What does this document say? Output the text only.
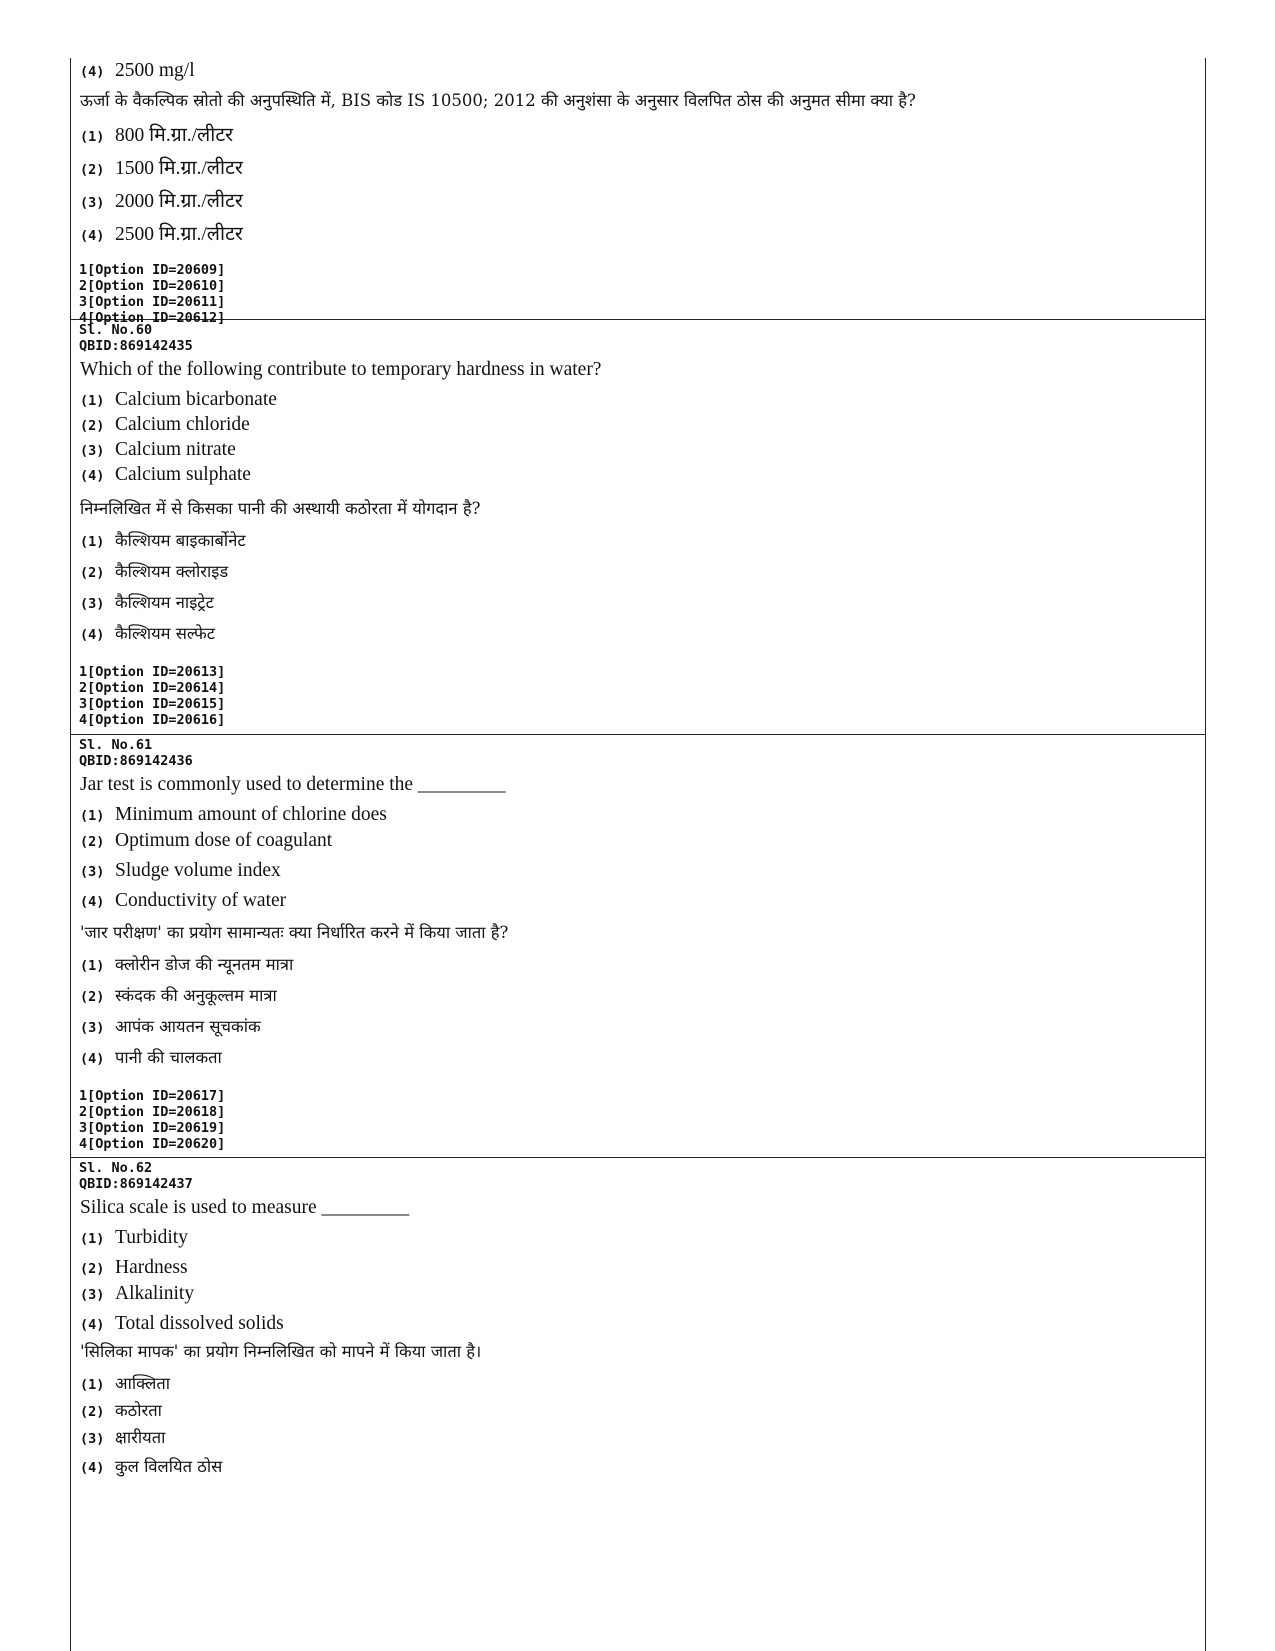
(4) 2500 mg/l
ऊर्जा के वैकल्पिक स्रोतो की अनुपस्थिति में, BIS कोड IS 10500; 2012 की अनुशंसा के अनुसार विलपित ठोस की अनुमत सीमा क्या है?
(1) 800 मि.ग्रा./लीटर
(2) 1500 मि.ग्रा./लीटर
(3) 2000 मि.ग्रा./लीटर
(4) 2500 मि.ग्रा./लीटर
1[Option ID=20609]
2[Option ID=20610]
3[Option ID=20611]
4[Option ID=20612]
Sl. No.60
QBID:869142435
Which of the following contribute to temporary hardness in water?
(1) Calcium bicarbonate
(2) Calcium chloride
(3) Calcium nitrate
(4) Calcium sulphate
निम्नलिखित में से किसका पानी की अस्थायी कठोरता में योगदान है?
(1) कैल्शियम बाइकार्बोनेट
(2) कैल्शियम क्लोराइड
(3) कैल्शियम नाइट्रेट
(4) कैल्शियम सल्फेट
1[Option ID=20613]
2[Option ID=20614]
3[Option ID=20615]
4[Option ID=20616]
Sl. No.61
QBID:869142436
Jar test is commonly used to determine the _________
(1) Minimum amount of chlorine does
(2) Optimum dose of coagulant
(3) Sludge volume index
(4) Conductivity of water
'जार परीक्षण' का प्रयोग सामान्यतः क्या निर्धारित करने में किया जाता है?
(1) क्लोरीन डोज की न्यूनतम मात्रा
(2) स्कंदक की अनुकूल्तम मात्रा
(3) आपंक आयतन सूचकांक
(4) पानी की चालकता
1[Option ID=20617]
2[Option ID=20618]
3[Option ID=20619]
4[Option ID=20620]
Sl. No.62
QBID:869142437
Silica scale is used to measure _________
(1) Turbidity
(2) Hardness
(3) Alkalinity
(4) Total dissolved solids
'सिलिका मापक' का प्रयोग निम्नलिखित को मापने में किया जाता है।
(1) आक्लिता
(2) कठोरता
(3) क्षारीयता
(4) कुल विलयित ठोस
